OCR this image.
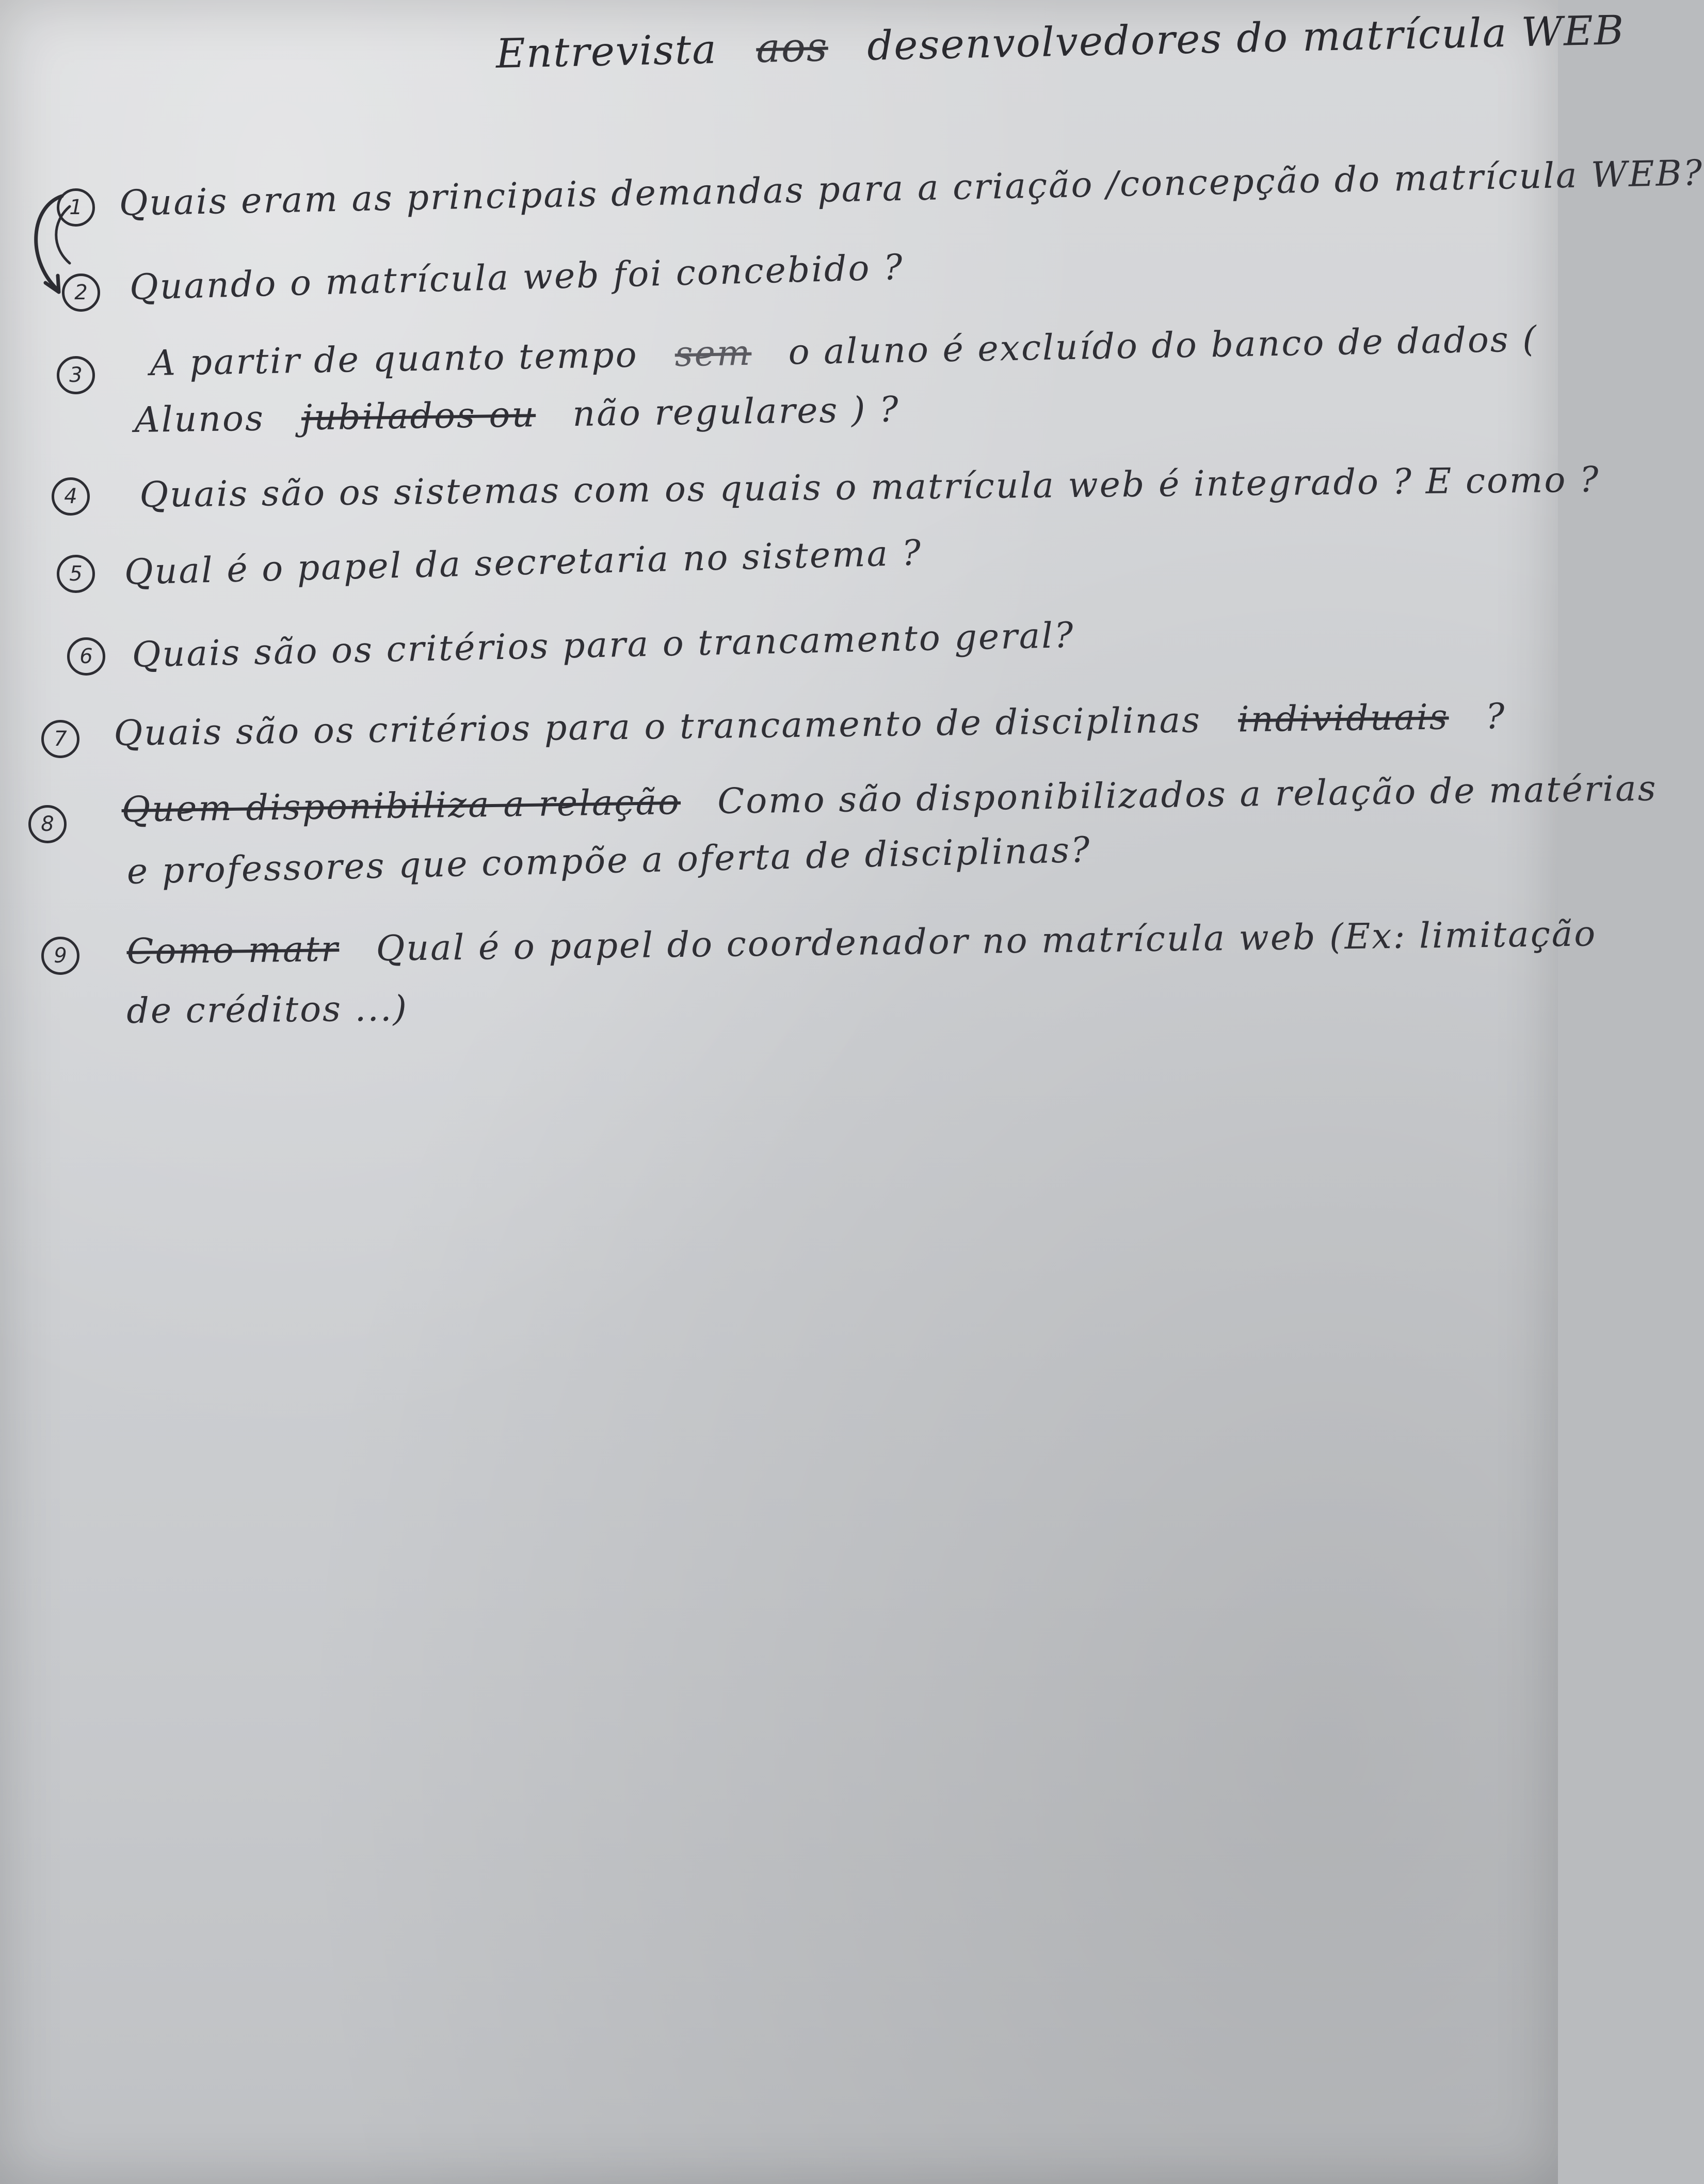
Entrevista aos desenvolvedores do matrícula WEB
1	Quais eram as principais demandas para a criação /concepção do matrícula WEB?
2	Quando o matrícula web foi concebido ?
3	A partir de quanto tempo sem o aluno é excluído do banco de dados (
Alunos jubilados ou não regulares ) ?
4	Quais são os sistemas com os quais o matrícula web é integrado ? E como ?
5	Qual é o papel da secretaria no sistema ?
6	Quais são os critérios para o trancamento geral?
7	Quais são os critérios para o trancamento de disciplinas individuais ?
8	Quem disponibiliza a relação Como são disponibilizados a relação de matérias
e professores que compõe a oferta de disciplinas?
9	Como matr Qual é o papel do coordenador no matrícula web (Ex: limitação
de créditos ...)
